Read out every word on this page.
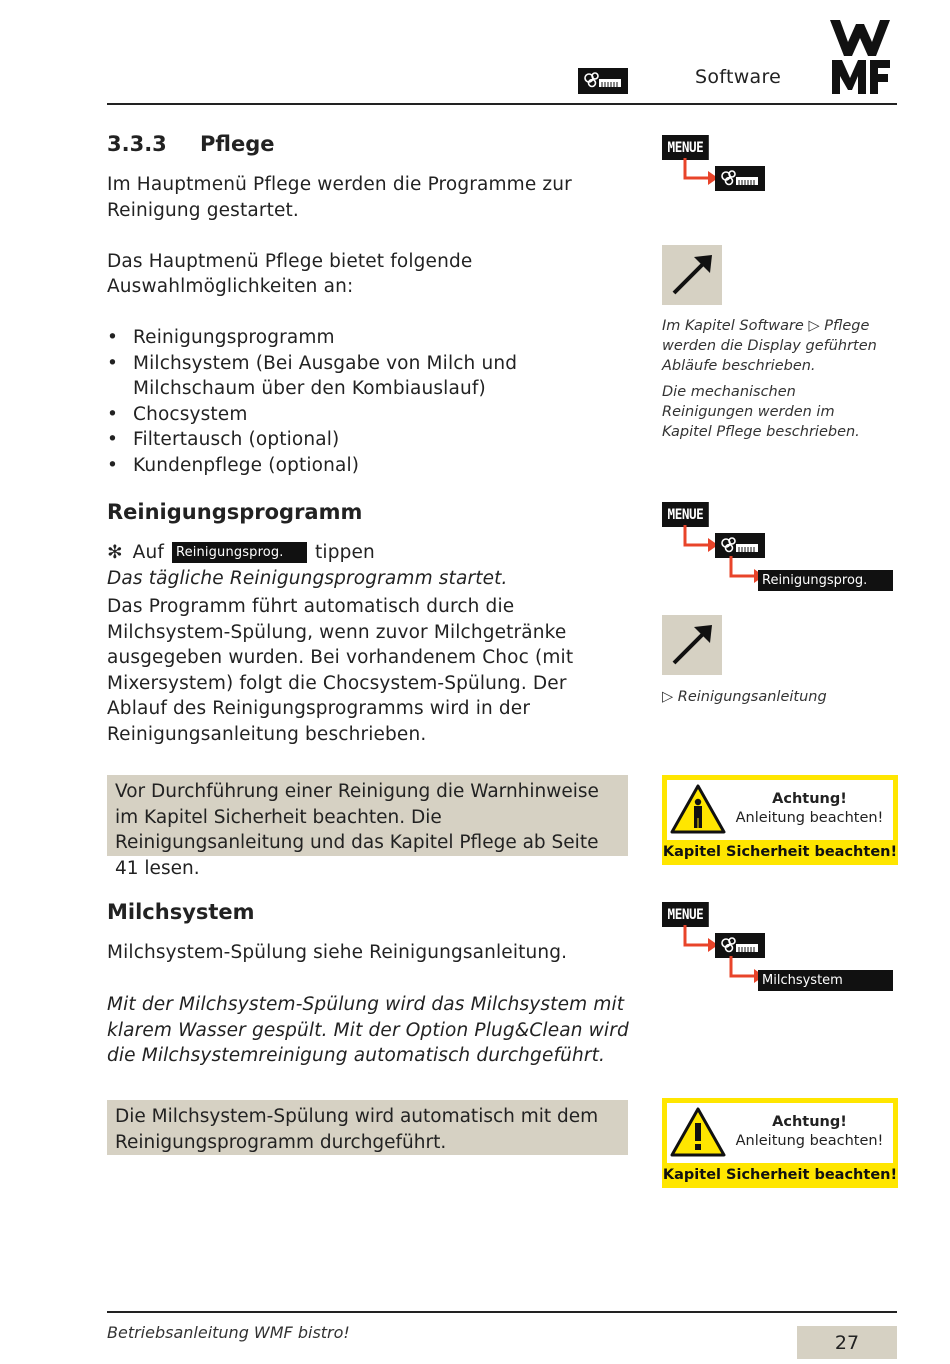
Software
3.3.3 Pflege
Im Hauptmenü Pflege werden die Programme zur Reinigung gestartet.
Das Hauptmenü Pflege bietet folgende
Auswahlmöglichkeiten an:
• Reinigungsprogramm
• Milchsystem (Bei Ausgabe von Milch und Milchschaum über den Kombiauslauf)
• Chocsystem
• Filtertausch (optional)
• Kundenpflege (optional)
MENUE
Im Kapitel Software ▷ Pflege werden die Display geführten Abläufe beschrieben.
Die mechanischen Reinigungen werden im Kapitel Pflege beschrieben.
Reinigungsprogramm
✻ Auf Reinigungsprog.	tippen
Das tägliche Reinigungsprogramm startet.
Das Programm führt automatisch durch die Milchsystem-Spülung, wenn zuvor Milchgetränke ausgegeben wurden. Bei vorhandenem Choc (mit Mixersystem) folgt die Chocsystem-Spülung. Der Ablauf des Reinigungsprogramms wird in der Reinigungsanleitung beschrieben.
MENUE
Reinigungsprog.
▷ Reinigungsanleitung
Vor Durchführung einer Reinigung die Warnhinweise im Kapitel Sicherheit beachten. Die Reinigungsanleitung und das Kapitel Pflege ab Seite 41 lesen.
Achtung!
Anleitung beachten!
Kapitel Sicherheit beachten!
Milchsystem
Milchsystem-Spülung siehe Reinigungsanleitung.
Mit der Milchsystem-Spülung wird das Milchsystem mit klarem Wasser gespült. Mit der Option Plug&Clean wird die Milchsystemreinigung automatisch durchgeführt.
MENUE
Milchsystem
Die Milchsystem-Spülung wird automatisch mit dem Reinigungsprogramm durchgeführt.
Achtung!
Anleitung beachten!
Kapitel Sicherheit beachten!
Betriebsanleitung WMF bistro!	27
